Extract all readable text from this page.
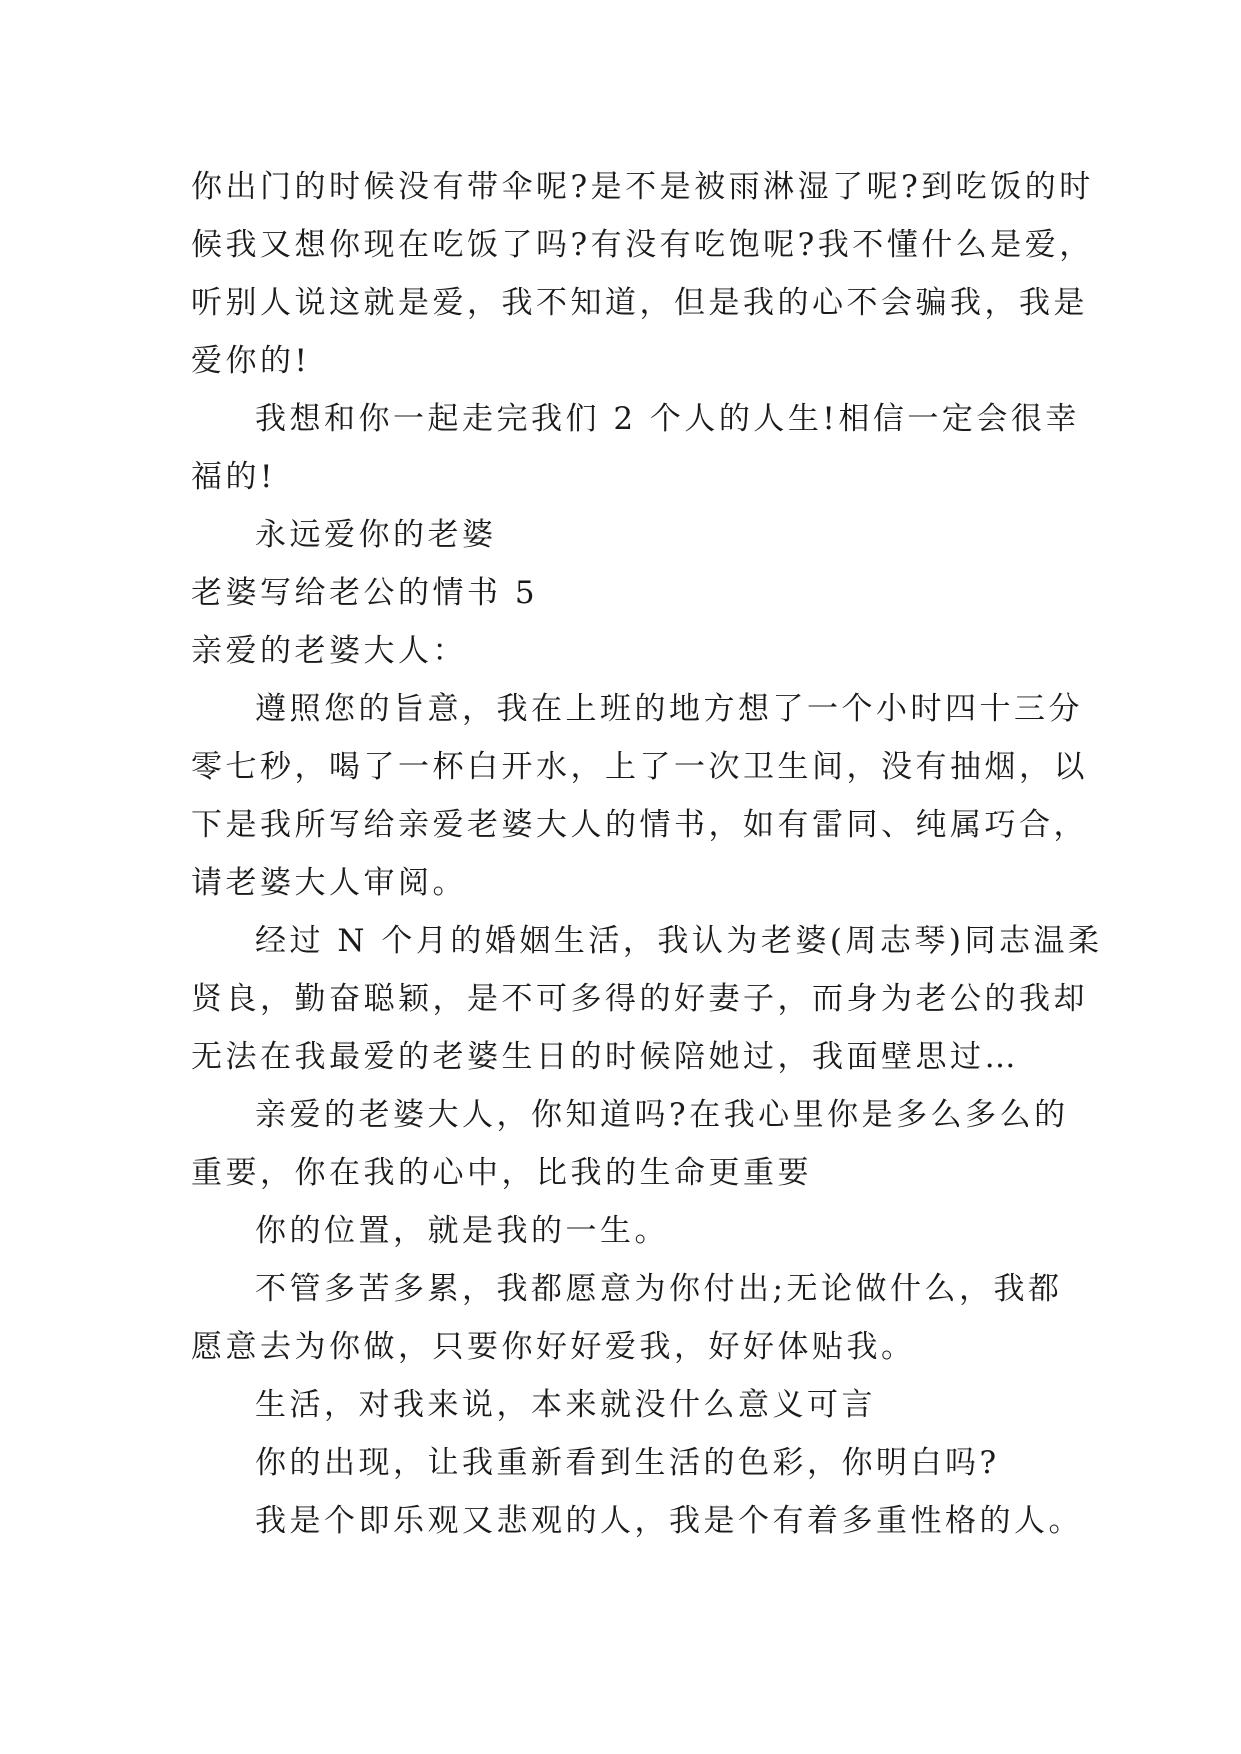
你出门的时候没有带伞呢?是不是被雨淋湿了呢?到吃饭的时
候我又想你现在吃饭了吗?有没有吃饱呢?我不懂什么是爱，
听别人说这就是爱，我不知道，但是我的心不会骗我，我是
爱你的!
我想和你一起走完我们 2 个人的人生!相信一定会很幸
福的!
永远爱你的老婆
老婆写给老公的情书 5
亲爱的老婆大人：
遵照您的旨意，我在上班的地方想了一个小时四十三分
零七秒，喝了一杯白开水，上了一次卫生间，没有抽烟，以
下是我所写给亲爱老婆大人的情书，如有雷同、纯属巧合，
请老婆大人审阅。
经过 N 个月的婚姻生活，我认为老婆(周志琴)同志温柔
贤良，勤奋聪颖，是不可多得的好妻子，而身为老公的我却
无法在我最爱的老婆生日的时候陪她过，我面壁思过…
亲爱的老婆大人，你知道吗?在我心里你是多么多么的
重要，你在我的心中，比我的生命更重要
你的位置，就是我的一生。
不管多苦多累，我都愿意为你付出;无论做什么，我都
愿意去为你做，只要你好好爱我，好好体贴我。
生活，对我来说，本来就没什么意义可言
你的出现，让我重新看到生活的色彩，你明白吗?
我是个即乐观又悲观的人，我是个有着多重性格的人。
